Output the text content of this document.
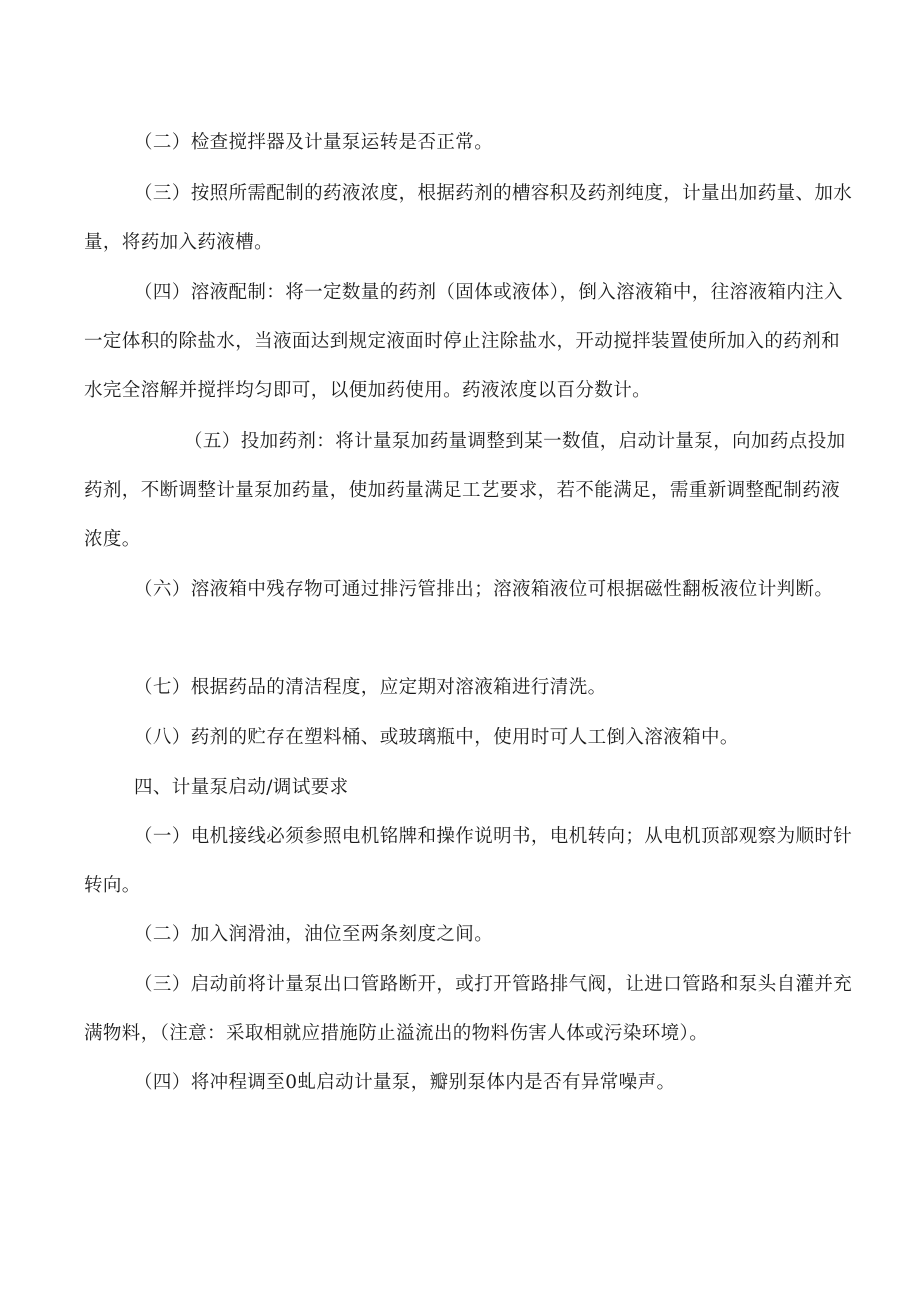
（二）检查搅拌器及计量泵运转是否正常。

（三）按照所需配制的药液浓度，根据药剂的槽容积及药剂纯度，计量出加药量、加水量，将药加入药液槽。

（四）溶液配制：将一定数量的药剂（固体或液体），倒入溶液箱中，往溶液箱内注入一定体积的除盐水，当液面达到规定液面时停止注除盐水，开动搅拌装置使所加入的药剂和水完全溶解并搅拌均匀即可，以便加药使用。药液浓度以百分数计。

（五）投加药剂：将计量泵加药量调整到某一数值，启动计量泵，向加药点投加药剂，不断调整计量泵加药量，使加药量满足工艺要求，若不能满足，需重新调整配制药液浓度。

（六）溶液箱中残存物可通过排污管排出；溶液箱液位可根据磁性翻板液位计判断。

（七）根据药品的清洁程度，应定期对溶液箱进行清洗。

（八）药剂的贮存在塑料桶、或玻璃瓶中，使用时可人工倒入溶液箱中。

四、计量泵启动/调试要求

（一）电机接线必须参照电机铭牌和操作说明书，电机转向；从电机顶部观察为顺时针转向。

（二）加入润滑油，油位至两条刻度之间。

（三）启动前将计量泵出口管路断开，或打开管路排气阀，让进口管路和泵头自灌并充满物料，（注意：采取相就应措施防止溢流出的物料伤害人体或污染环境）。

（四）将冲程调至0虬启动计量泵，瓣别泵体内是否有异常噪声。
